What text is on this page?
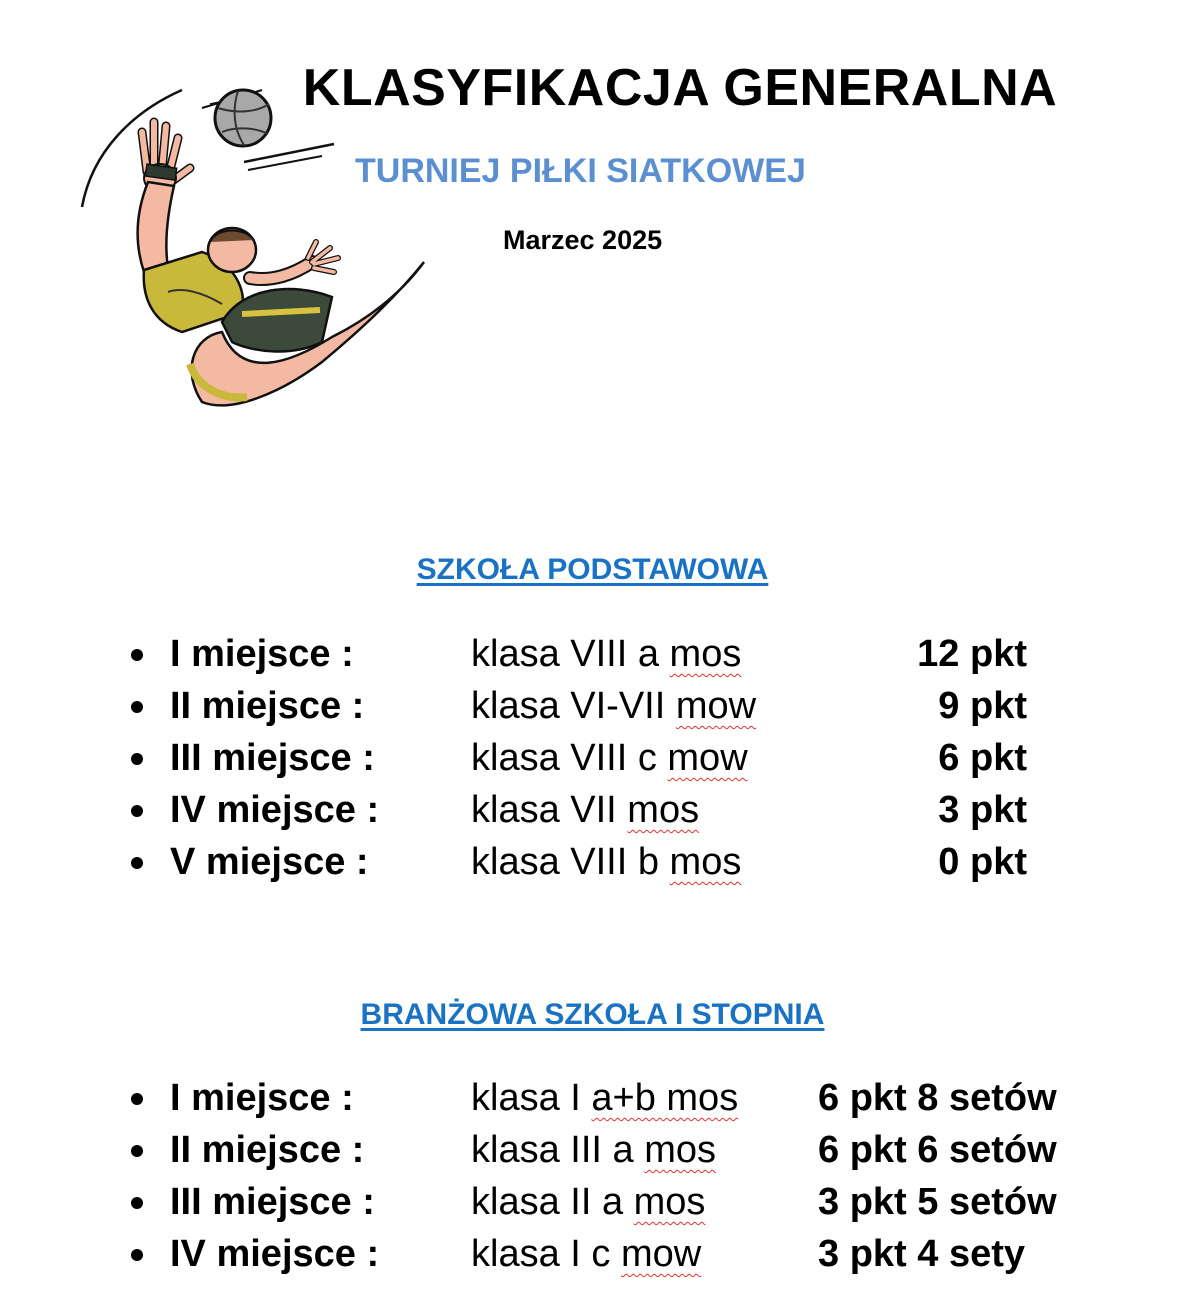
KLASYFIKACJA GENERALNA
TURNIEJ PIŁKI SIATKOWEJ

Marzec 2025

SZKOŁA PODSTAWOWA
I miejsce :	klasa VIII a mos	12 pkt
II miejsce :	klasa VI-VII mow	9 pkt
III miejsce :	klasa VIII c mow	6 pkt
IV miejsce : klasa VII mos	3 pkt
V miejsce :	klasa VIII b mos	0 pkt
BRANŻOWA SZKOŁA I STOPNIA
I miejsce :	klasa I a+b mos 6 pkt 8 setów
II miejsce :	klasa III a mos	6 pkt 6 setów
III miejsce :	klasa II a mos	3 pkt 5 setów
IV miejsce : klasa I c mow	3 pkt 4 sety
